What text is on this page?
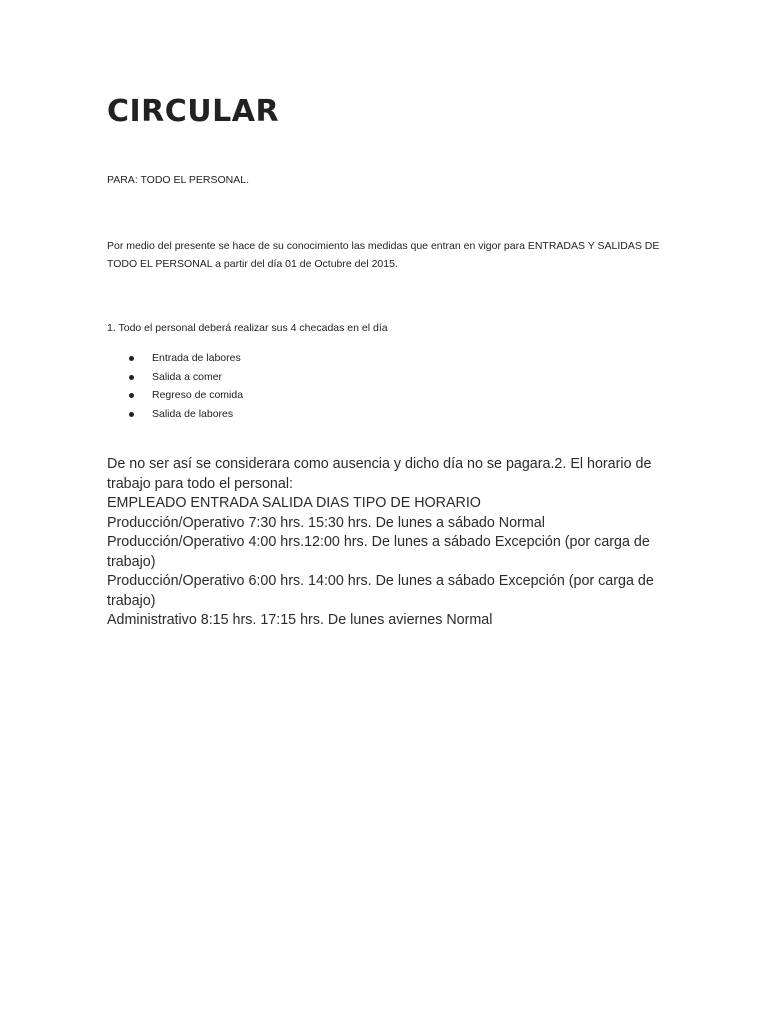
CIRCULAR

PARA: TODO EL PERSONAL.

Por medio del presente se hace de su conocimiento las medidas que entran en vigor para ENTRADAS Y SALIDAS DE TODO EL PERSONAL a partir del día 01 de Octubre del 2015.

1. Todo el personal deberá realizar sus 4 checadas en el día

Entrada de labores
Salida a comer
Regreso de comida
Salida de labores
De no ser así se considerara como ausencia y dicho día no se pagara.2. El horario de trabajo para todo el personal:
EMPLEADO ENTRADA SALIDA DIAS TIPO DE HORARIO
Producción/Operativo 7:30 hrs. 15:30 hrs. De lunes a sábado Normal
Producción/Operativo 4:00 hrs.12:00 hrs. De lunes a sábado Excepción (por carga de trabajo)
Producción/Operativo 6:00 hrs. 14:00 hrs. De lunes a sábado Excepción (por carga de trabajo)
Administrativo 8:15 hrs. 17:15 hrs. De lunes aviernes Normal
